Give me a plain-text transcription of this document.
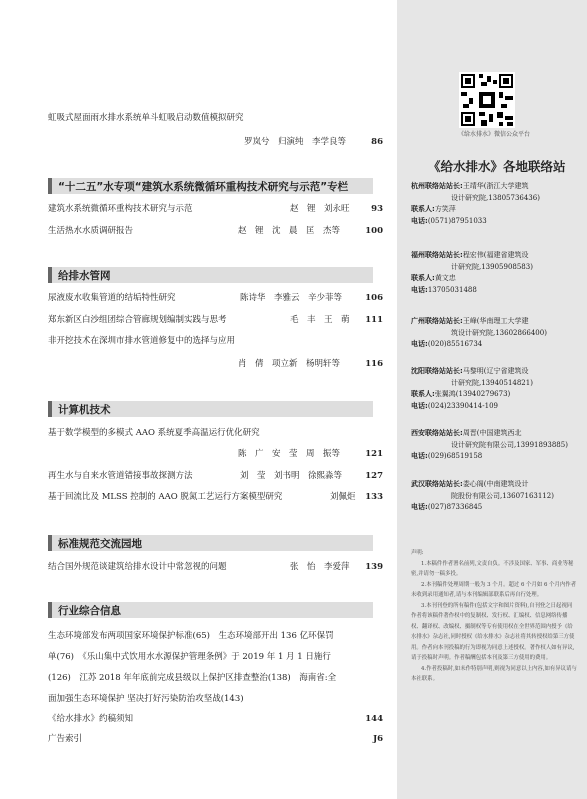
虹吸式屋面雨水排水系统单斗虹吸启动数值模拟研究
罗岚兮　归演纯　李学良等	86
“十二五”水专项“建筑水系统微循环重构技术研究与示范”专栏
建筑水系统微循环重构技术研究与示范	赵　锂　刘永旺	93
生活热水水质调研报告	赵　锂　沈　晨　匡　杰等	100
给排水管网
尿液废水收集管道的结垢特性研究	陈诗华　李雅云　辛少菲等	106
郑东新区白沙组团综合管廊规划编制实践与思考	毛　丰　王　萌	111
非开挖技术在深圳市排水管道修复中的选择与应用
肖　倩　项立新　杨明轩等	116
计算机技术
基于数学模型的多模式 AAO 系统夏季高温运行优化研究
陈　广　安　莹　周　振等	121
再生水与自来水管道错接事故探测方法	刘　莹　刘书明　徐熙淼等	127
基于回流比及 MLSS 控制的 AAO 脱氮工艺运行方案模型研究	刘佩炬	133
标准规范交流园地
结合国外规范谈建筑给排水设计中常忽视的问题	张　怡　李爱萍	139
行业综合信息
生态环境部发布两项国家环境保护标准(65)　生态环境部开出 136 亿环保罚
单(76)　《乐山集中式饮用水水源保护管理条例》于 2019 年 1 月 1 日施行
(126)　江苏 2018 年年底前完成县级以上保护区排查整治(138)　海南省:全
面加强生态环境保护 坚决打好污染防治攻坚战(143)
《给水排水》约稿须知	144
广告索引	J6
《给水排水》微信公众平台
《给水排水》各地联络站
杭州联络站站长:王靖华(浙江大学建筑
设计研究院,13805736436)
联系人:方笑萍
电话:(0571)87951033
福州联络站站长:程宏伟(福建省建筑设
计研究院,13905908583)
联系人:黄文忠
电话:13705031488
广州联络站站长:王峰(华南理工大学建
筑设计研究院,13602866400)
电话:(020)85516734
沈阳联络站站长:马黎明(辽宁省建筑设
计研究院,13940514821)
联系人:张翼鸿(13940279673)
电话:(024)23390414-109
西安联络站站长:周晋(中国建筑西北
设计研究院有限公司,13991893885)
电话:(029)68519158
武汉联络站站长:娄心阁(中南建筑设计
院股份有限公司,13607163112)
电话:(027)87336845
声明:

1.本稿件作者署名前列,文责自负。不涉及国家、军事、商业等秘密,并请勿一稿多投。

2.本刊稿件处理周期一般为 3 个月。超过 6 个月如 6 个月内作者未收到录用通知者,请与本刊编辑部联系后再自行处理。

3.本刊刊登的所有稿件(包括文字和图片资料),自刊登之日起视同作者将该稿件著作权中的复制权、发行权、汇编权、信息网络传播权、翻译权、改编权、摄制权等专有使用权在全世界范围内授予《给水排水》杂志社,同时授权《给水排水》杂志社将其转授权给第三方使用。作者向本刊投稿的行为即视为同意上述授权。著作权人如有异议,请于投稿时声明。作者稿酬包括本刊及第三方使用的费用。

4.作者投稿时,如未作特别声明,则视为同意以上内容,如有异议请与本社联系。
